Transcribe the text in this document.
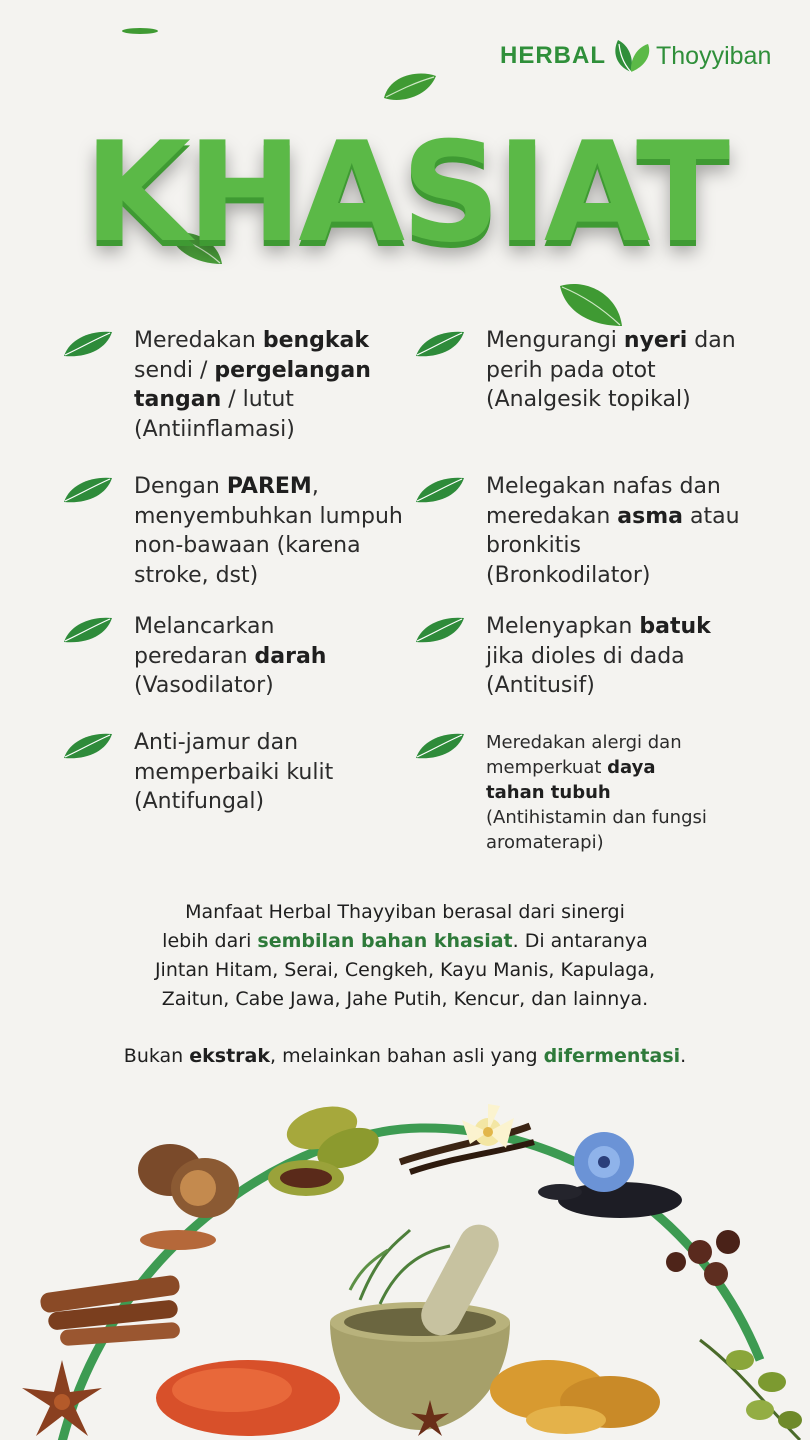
HERBAL Thoyyiban
KHASIAT
Meredakan bengkak sendi / pergelangan tangan / lutut (Antiinflamasi)
Mengurangi nyeri dan perih pada otot (Analgesik topikal)
Dengan PAREM, menyembuhkan lumpuh non-bawaan (karena stroke, dst)
Melegakan nafas dan meredakan asma atau bronkitis (Bronkodilator)
Melancarkan peredaran darah (Vasodilator)
Melenyapkan batuk jika dioles di dada (Antitusif)
Anti-jamur dan memperbaiki kulit (Antifungal)
Meredakan alergi dan memperkuat daya tahan tubuh (Antihistamin dan fungsi aromaterapi)
Manfaat Herbal Thayyiban berasal dari sinergi
lebih dari sembilan bahan khasiat. Di antaranya
Jintan Hitam, Serai, Cengkeh, Kayu Manis, Kapulaga,
Zaitun, Cabe Jawa, Jahe Putih, Kencur, dan lainnya.
Bukan ekstrak, melainkan bahan asli yang difermentasi.
